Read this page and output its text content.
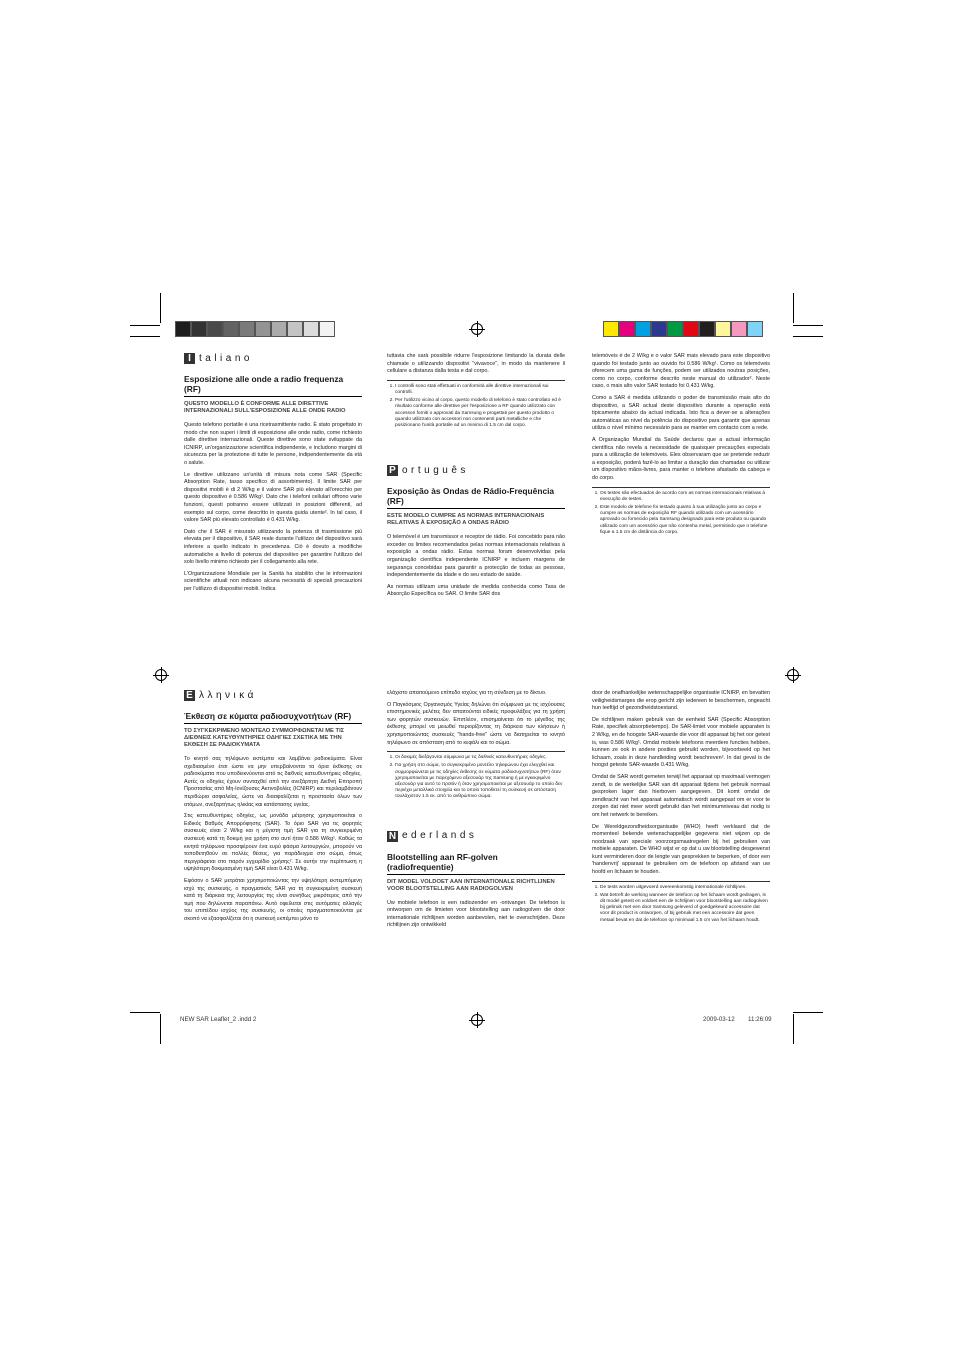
I taliano
Esposizione alle onde a radio frequenza (RF)
QUESTO MODELLO È CONFORME ALLE DIRETTIVE INTERNAZIONALI SULL'ESPOSIZIONE ALLE ONDE RADIO

Questo telefono portatile è una ricetrasmittente radio. È stato progettato in modo che non superi i limiti di esposizione alle onde radio, come richiesto dalle direttive internazionali. Queste direttive sono state sviluppate da ICNIRP, un'organizzazione scientifica indipendente, e includono margini di sicurezza per la protezione di tutte le persone, indipendentemente da età o salute.

Le direttive utilizzano un'unità di misura nota come SAR (Specific Absorption Rate, tasso specifico di assorbimento). Il limite SAR per dispositivi mobili è di 2 W/kg e il valore SAR più elevato all'orecchio per questo dispositivo è 0.586 W/kg¹. Dato che i telefoni cellulari offrono varie funzioni, questi potranno essere utilizzati in posizioni differenti, ad esempio sul corpo, come descritto in questa guida utente². In tal caso, il valore SAR più elevato controllato è 0.431 W/kg.

Dato che il SAR è misurato utilizzando la potenza di trasmissione più elevata per il dispositivo, il SAR reale durante l'utilizzo del dispositivo sarà inferiore a quello indicato in precedenza. Ciò è dovuto a modifiche automatiche a livello di potenza del dispositivo per garantire l'utilizzo del solo livello minimo richiesto per il collegamento alla rete.

L'Organizzazione Mondiale per la Sanità ha stabilito che le informazioni scientifiche attuali non indicano alcuna necessità di speciali precauzioni per l'utilizzo di dispositivi mobili. Indica

tuttavia che sarà possibile ridurre l'esposizione limitando la durata delle chiamate o utilizzando dispositivi "vivavoce", in modo da mantenere il cellulare a distanza dalla testa e dal corpo.

1. I controlli sono stati effettuati in conformità alle direttive internazionali sui controlli.
2. Per l'utilizzo vicino al corpo, questo modello di telefono è stato controllato ed è risultato conforme alle direttive per l'esposizione a RF quando utilizzato con accessori forniti o approvati da Samsung e progettati per questo prodotto o quando utilizzato con accessori non contenenti parti metalliche e che posizionano l'unità portatile ad un minimo di 1.5 cm dal corpo.
P ortuguês
Exposição às Ondas de Rádio-Frequência (RF)
ESTE MODELO CUMPRE AS NORMAS INTERNACIONAIS RELATIVAS À EXPOSIÇÃO A ONDAS RÁDIO

O telemóvel é um transmissor e receptor de rádio. Foi concebido para não exceder os limites recomendados pelas normas internacionais relativas à exposição a ondas rádio. Estas normas foram desenvolvidas pela organização científica independente ICNIRP e incluem margens de segurança concebidas para garantir a protecção de todas as pessoas, independentemente da idade e do seu estado de saúde.

As normas utilizam uma unidade de medida conhecida como Taxa de Absorção Específica ou SAR. O limite SAR dos

telemóveis é de 2 W/kg e o valor SAR mais elevado para este dispositivo quando foi testado junto ao ouvido foi 0.586 W/kg¹. Como os telemóveis oferecem uma gama de funções, podem ser utilizados noutras posições, como no corpo, conforme descrito neste manual do utilizador². Neste caso, o mais alto valor SAR testado foi 0.431 W/kg.

Como a SAR é medida utilizando o poder de transmissão mais alto do dispositivo, a SAR actual deste dispositivo durante a operação está tipicamente abaixo da actual indicada. Isto fica a dever-se a alterações automáticas ao nível da potência do dispositivo para garantir que apenas utiliza o nível mínimo necessário para se manter em contacto com a rede.

A Organização Mundial da Saúde declarou que a actual informação científica não revela a necessidade de quaisquer precauções especiais para a utilização de telemóveis. Eles observaram que se pretende reduzir a exposição, poderá fazê-lo ao limitar a duração das chamadas ou utilizar um dispositivo mãos-livres, para manter o telefone afastado da cabeça e do corpo.

1. Os testes são efectuados de acordo com as normas internacionais relativas à execução de testes.
2. Este modelo de telefone foi testado quanto à sua utilização junto ao corpo e cumpre as normas de exposição RF quando utilizado com um acessório aprovado ou fornecido pela Samsung designado para este produto ou quando utilizado com um acessório que não contenha metal, permitindo que o telefone fique a 1.5 cm de distância do corpo.
Ε λληνικά
Έκθεση σε κύματα ραδιοσυχνοτήτων (RF)
ΤΟ ΣΥΓΚΕΚΡΙΜΕΝΟ ΜΟΝΤΕΛΟ ΣΥΜΜΟΡΦΩΝΕΤΑΙ ΜΕ ΤΙΣ ΔΙΕΘΝΕΙΣ ΚΑΤΕΥΘΥΝΤΗΡΙΕΣ ΟΔΗΓΙΕΣ ΣΧΕΤΙΚΑ ΜΕ ΤΗΝ ΕΚΘΕΣΗ ΣΕ ΡΑΔΙΟΚΥΜΑΤΑ

Το κινητό σας τηλέφωνο εκπέμπει και λαμβάνει ραδιοκύματα. Είναι σχεδιασμένο έτσι ώστε να μην υπερβαίνονται τα όρια έκθεσης σε ραδιοκύματα που υποδεικνύονται από τις διεθνείς κατευθυντήριες οδηγίες. Αυτές οι οδηγίες έχουν συνταχθεί από την ανεξάρτητη Διεθνή Επιτροπή Προστασίας από Μη-Ιονίζουσες Ακτινοβολίες (ICNIRP) και περιλαμβάνουν περιθώρια ασφαλείας, ώστε να διασφαλίζεται η προστασία όλων των ατόμων, ανεξαρτήτως ηλικίας και κατάστασης υγείας.

Στις κατευθυντήριες οδηγίες, ως μονάδα μέτρησης χρησιμοποιείται ο Ειδικός Βαθμός Απορρόφησης (SAR). Το όριο SAR για τις φορητές συσκευές είναι 2 W/kg και η μέγιστη τιμή SAR για τη συγκεκριμένη συσκευή κατά τη δοκιμή για χρήση στο αυτί ήταν 0.586 W/kg¹. Καθώς τα κινητά τηλέφωνα προσφέρουν ένα ευρύ φάσμα λειτουργιών, μπορούν να τοποθετηθούν σε πολλές θέσεις, για παράδειγμα στο σώμα, όπως περιγράφεται στο παρόν εγχειρίδιο χρήσης². Σε αυτήν την περίπτωση η υψηλότερη δοκιμασμένη τιμή SAR είναι 0.431 W/kg.

Εφόσον ο SAR μετράται χρησιμοποιώντας την υψηλότερη εκπεμπόμενη ισχύ της συσκευής, ο πραγματικός SAR για τη συγκεκριμένη συσκευή κατά τη διάρκεια της λειτουργίας της είναι συνήθως μικρότερος από την τιμή που δηλώνεται παραπάνω. Αυτό οφείλεται στις αυτόματες αλλαγές του επιπέδου ισχύος της συσκευής, οι οποίες πραγματοποιούνται με σκοπό να εξασφαλίζεται ότι η συσκευή εκπέμπει μόνο το

ελάχιστο απαιτούμενο επίπεδο ισχύος για τη σύνδεση με το δίκτυο.

Ο Παγκόσμιος Οργανισμός Υγείας δηλώνει ότι σύμφωνα με τις ισχύουσες επιστημονικές μελέτες δεν απαιτούνται ειδικές προφυλάξεις για τη χρήση των φορητών συσκευών. Επιπλέον, επισημαίνεται ότι το μέγεθος της έκθεσης μπορεί να μειωθεί περιορίζοντας τη διάρκεια των κλήσεων ή χρησιμοποιώντας συσκευές "hands-free" ώστε να διατηρείται το κινητό τηλέφωνο σε απόσταση από το κεφάλι και το σώμα.

1. Οι δοκιμές διεξάγονται σύμφωνα με τις διεθνείς κατευθυντήριες οδηγίες.
2. Για χρήση στο σώμα, το συγκεκριμένο μοντέλο τηλεφώνου έχει ελεγχθεί και συμμορφώνεται με τις οδηγίες έκθεσης σε κύματα ραδιοσυχνοτήτων (RF) όταν χρησιμοποιείται με παρεχόμενο αξεσουάρ της Samsung ή με εγκεκριμένο αξεσουάρ για αυτό το προϊόν ή όταν χρησιμοποιείται με αξεσουάρ το οποίο δεν περιέχει μεταλλικά στοιχεία και το οποίο τοποθετεί τη συσκευή σε απόσταση τουλάχιστον 1.5 εκ. από το ανθρώπινο σώμα.
N ederlands
Blootstelling aan RF-golven (radiofrequentie)
DIT MODEL VOLDOET AAN INTERNATIONALE RICHTLIJNEN VOOR BLOOTSTELLING AAN RADIOGOLVEN

Uw mobiele telefoon is een radiozender en -ontvanger. De telefoon is ontworpen om de limieten voor blootstelling aan radiogolven die door internationale richtlijnen worden aanbevolen, niet te overschrijden. Deze richtlijnen zijn ontwikkeld

door de onafhankelijke wetenschappelijke organisatie ICNIRP, en bevatten veiligheidsmarges die erop gericht zijn iedereen te beschermen, ongeacht hun leeftijd of gezondheidstoestand.

De richtlijnen maken gebruik van de eenheid SAR (Specific Absorption Rate, specifiek absorptietempo). De SAR-limiet voor mobiele apparaten is 2 W/kg, en de hoogste SAR-waarde die voor dit apparaat bij het oor getest is, was 0.586 W/kg¹. Omdat mobiele telefoons meerdere functies hebben, kunnen ze ook in andere posities gebruikt worden, bijvoorbeeld op het lichaam, zoals in deze handleiding wordt beschreven². In dat geval is de hoogst geteste SAR-waarde 0.431 W/kg.

Omdat de SAR wordt gemeten terwijl het apparaat op maximaal vermogen zendt, is de werkelijke SAR van dit apparaat tijdens het gebruik normaal gesproken lager dan hierboven aangegeven. Dit komt omdat de zendkracht van het apparaat automatisch wordt aangepast om er voor te zorgen dat niet meer wordt gebruikt dan het minimumniveau dat nodig is om het netwerk te bereiken.

De Wereldgezondheidsorganisatie (WHO) heeft verklaard dat de momenteel bekende wetenschappelijke gegevens niet wijzen op de noodzaak van speciale voorzorgsmaatregelen bij het gebruiken van mobiele apparaten. De WHO wijst er op dat u uw blootstelling desgewenst kunt verminderen door de lengte van gesprekken te beperken, of door een 'handenvrij' apparaat te gebruiken om de telefoon op afstand van uw hoofd en lichaam te houden.

1. De tests worden uitgevoerd overeenkomstig internationale richtlijnen.
2. Wat betreft de werking wanneer de telefoon op het lichaam wordt gedragen, is dit model getest en voldoet een de richtlijnen voor blootstelling aan radiogolven bij gebruik met een door Samsung geleverd of goedgekeurd accessoire dat voor dit product is ontworpen, of bij gebruik met een accessoire dat geen metaal bevat en dat de telefoon op minimaal 1.5 cm van het lichaam houdt.
NEW SAR Leaflet_2 .indd 2	2009-03-12 11:26:09
